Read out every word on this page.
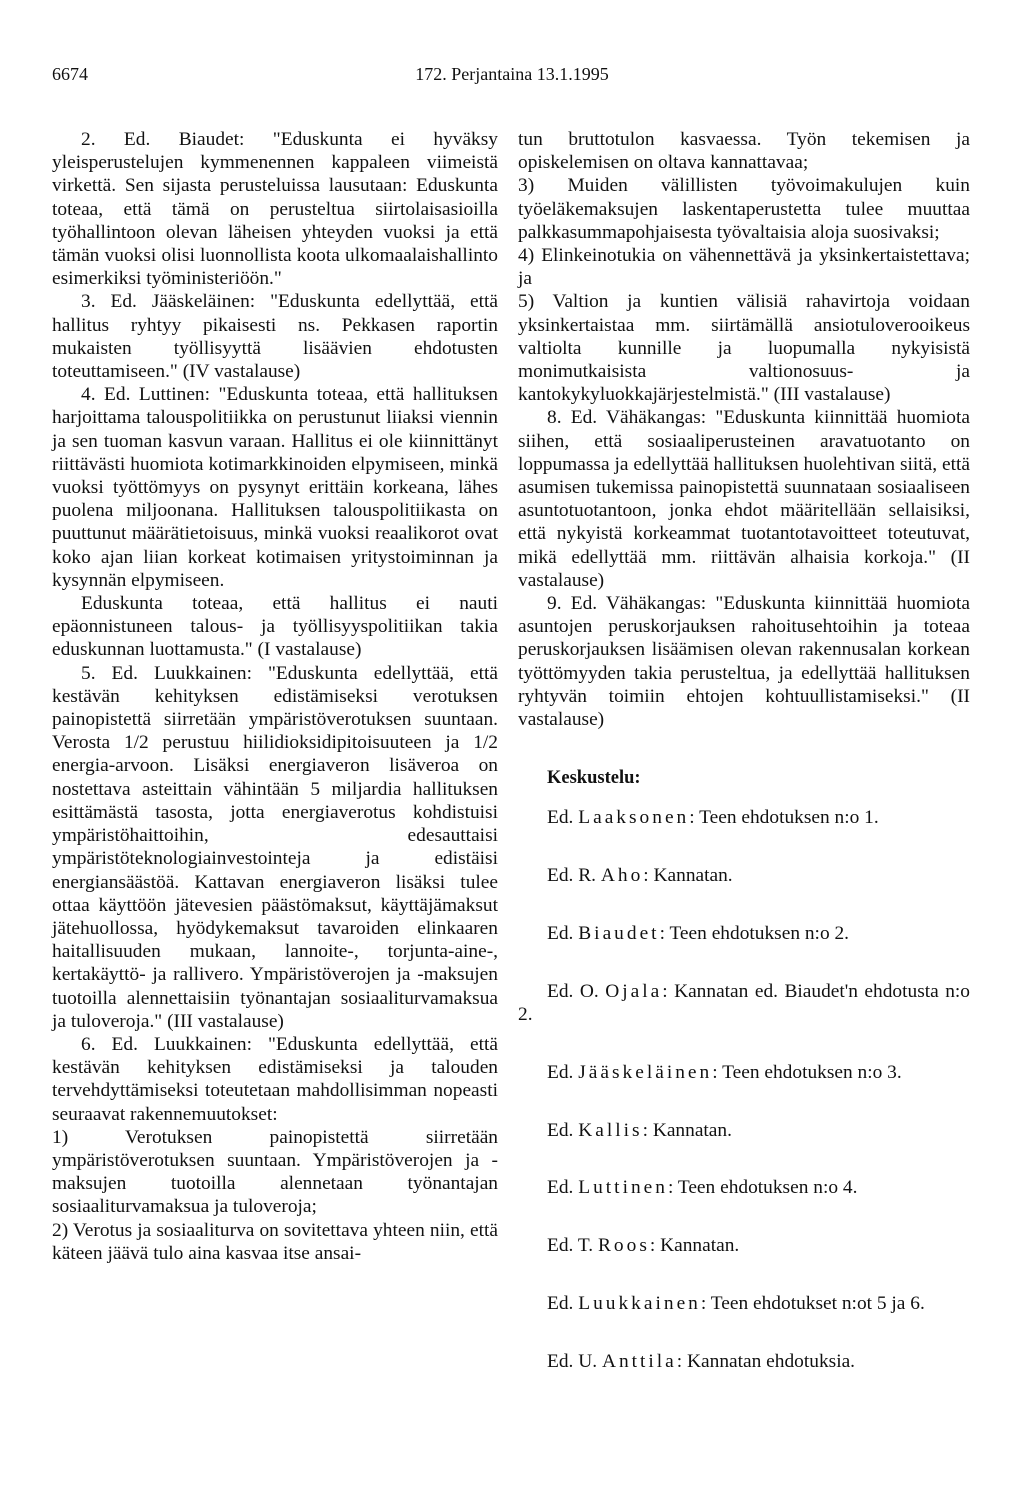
6674	172. Perjantaina 13.1.1995

2. Ed. Biaudet: "Eduskunta ei hyväksy yleisperustelujen kymmenennen kappaleen viimeistä virkettä. Sen sijasta perusteluissa lausutaan: Eduskunta toteaa, että tämä on perusteltua siirtolaisasioilla työhallintoon olevan läheisen yhteyden vuoksi ja että tämän vuoksi olisi luonnollista koota ulkomaalaishallinto esimerkiksi työministeriöön."

3. Ed. Jääskeläinen: "Eduskunta edellyttää, että hallitus ryhtyy pikaisesti ns. Pekkasen raportin mukaisten työllisyyttä lisäävien ehdotusten toteuttamiseen." (IV vastalause)

4. Ed. Luttinen: "Eduskunta toteaa, että hallituksen harjoittama talouspolitiikka on perustunut liiaksi viennin ja sen tuoman kasvun varaan. Hallitus ei ole kiinnittänyt riittävästi huomiota kotimarkkinoiden elpymiseen, minkä vuoksi työttömyys on pysynyt erittäin korkeana, lähes puolena miljoonana. Hallituksen talouspolitiikasta on puuttunut määrätietoisuus, minkä vuoksi reaalikorot ovat koko ajan liian korkeat kotimaisen yritystoiminnan ja kysynnän elpymiseen.

Eduskunta toteaa, että hallitus ei nauti epäonnistuneen talous- ja työllisyyspolitiikan takia eduskunnan luottamusta." (I vastalause)

5. Ed. Luukkainen: "Eduskunta edellyttää, että kestävän kehityksen edistämiseksi verotuksen painopistettä siirretään ympäristöverotuksen suuntaan. Verosta 1/2 perustuu hiilidioksidipitoisuuteen ja 1/2 energia-arvoon. Lisäksi energiaveron lisäveroa on nostettava asteittain vähintään 5 miljardia hallituksen esittämästä tasosta, jotta energiaverotus kohdistuisi ympäristöhaittoihin, edesauttaisi ympäristöteknologiainvestointeja ja edistäisi energiansäästöä. Kattavan energiaveron lisäksi tulee ottaa käyttöön jätevesien päästömaksut, käyttäjämaksut jätehuollossa, hyödykemaksut tavaroiden elinkaaren haitallisuuden mukaan, lannoite-, torjunta-aine-, kertakäyttö- ja rallivero. Ympäristöverojen ja -maksujen tuotoilla alennettaisiin työnantajan sosiaaliturvamaksua ja tuloveroja." (III vastalause)

6. Ed. Luukkainen: "Eduskunta edellyttää, että kestävän kehityksen edistämiseksi ja talouden tervehdyttämiseksi toteutetaan mahdollisimman nopeasti seuraavat rakennemuutokset:

1) Verotuksen painopistettä siirretään ympäristöverotuksen suuntaan. Ympäristöverojen ja -maksujen tuotoilla alennetaan työnantajan sosiaaliturvamaksua ja tuloveroja;

2) Verotus ja sosiaaliturva on sovitettava yhteen niin, että käteen jäävä tulo aina kasvaa itse ansai-

tun bruttotulon kasvaessa. Työn tekemisen ja opiskelemisen on oltava kannattavaa;

3) Muiden välillisten työvoimakulujen kuin työeläkemaksujen laskentaperustetta tulee muuttaa palkkasummapohjaisesta työvaltaisia aloja suosivaksi;

4) Elinkeinotukia on vähennettävä ja yksinkertaistettava; ja

5) Valtion ja kuntien välisiä rahavirtoja voidaan yksinkertaistaa mm. siirtämällä ansiotuloverooikeus valtiolta kunnille ja luopumalla nykyisistä monimutkaisista valtionosuus- ja kantokykyluokkajärjestelmistä." (III vastalause)

8. Ed. Vähäkangas: "Eduskunta kiinnittää huomiota siihen, että sosiaaliperusteinen aravatuotanto on loppumassa ja edellyttää hallituksen huolehtivan siitä, että asumisen tukemissa painopistettä suunnataan sosiaaliseen asuntotuotantoon, jonka ehdot määritellään sellaisiksi, että nykyistä korkeammat tuotantotavoitteet toteutuvat, mikä edellyttää mm. riittävän alhaisia korkoja." (II vastalause)

9. Ed. Vähäkangas: "Eduskunta kiinnittää huomiota asuntojen peruskorjauksen rahoitusehtoihin ja toteaa peruskorjauksen lisäämisen olevan rakennusalan korkean työttömyyden takia perusteltua, ja edellyttää hallituksen ryhtyvän toimiin ehtojen kohtuullistamiseksi." (II vastalause)

Keskustelu:

Ed. Laaksonen: Teen ehdotuksen n:o 1.

Ed. R. Aho: Kannatan.

Ed. Biaudet: Teen ehdotuksen n:o 2.

Ed. O. Ojala: Kannatan ed. Biaudet'n ehdotusta n:o 2.

Ed. Jääskeläinen: Teen ehdotuksen n:o 3.

Ed. Kallis: Kannatan.

Ed. Luttinen: Teen ehdotuksen n:o 4.

Ed. T. Roos: Kannatan.

Ed. Luukkainen: Teen ehdotukset n:ot 5 ja 6.

Ed. U. Anttila: Kannatan ehdotuksia.
